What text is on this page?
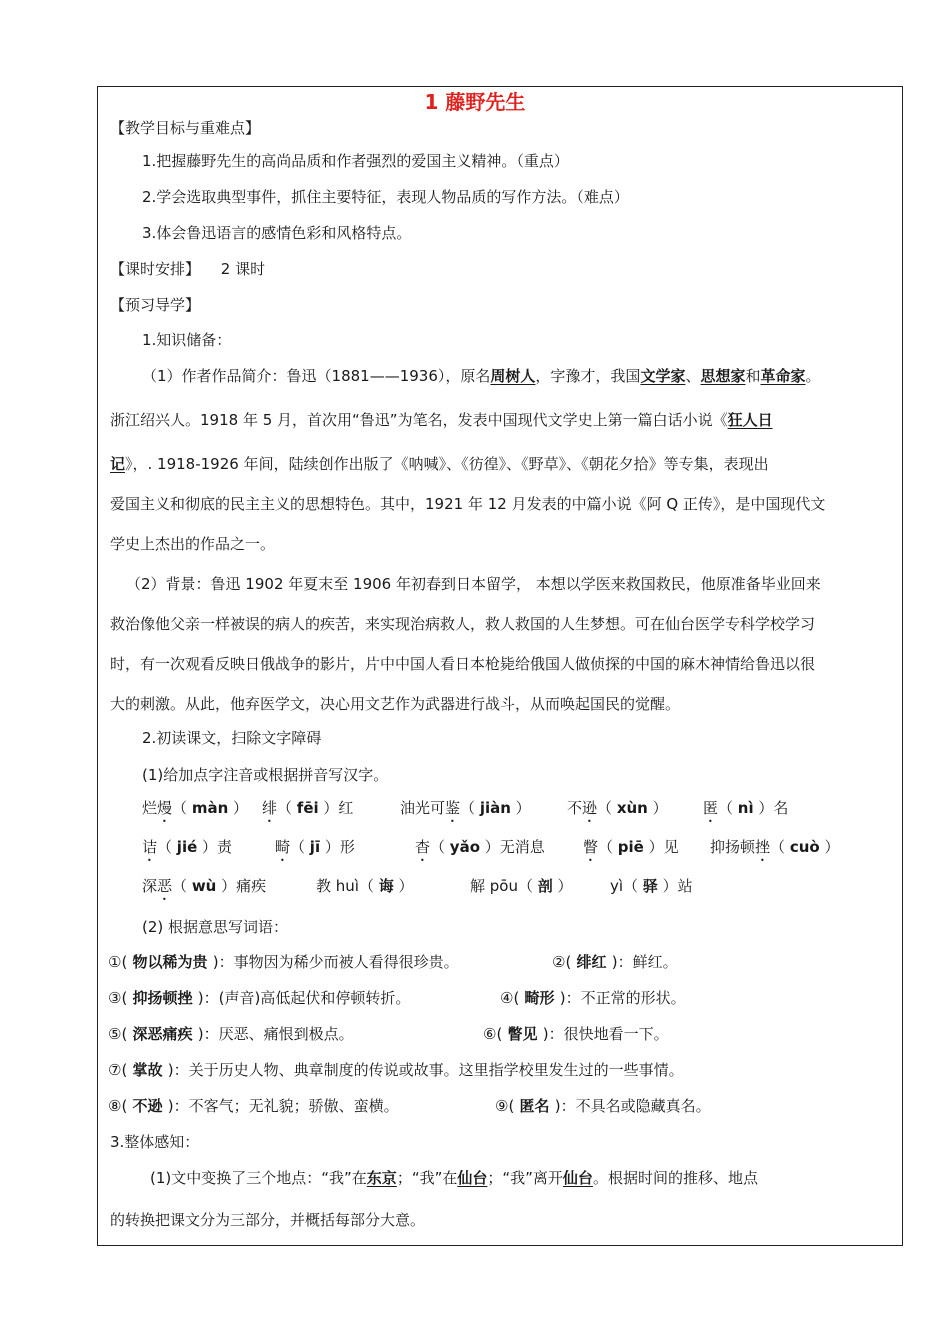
1 藤野先生
【教学目标与重难点】
1.把握藤野先生的高尚品质和作者强烈的爱国主义精神。（重点）
2.学会选取典型事件，抓住主要特征，表现人物品质的写作方法。（难点）
3.体会鲁迅语言的感情色彩和风格特点。
【课时安排】 2 课时
【预习导学】
1.知识储备：
（1）作者作品简介：鲁迅（1881——1936），原名周树人，字豫才，我国文学家、思想家和革命家。
浙江绍兴人。1918 年 5 月，首次用“鲁迅”为笔名，发表中国现代文学史上第一篇白话小说《狂人日
记》，. 1918-1926 年间，陆续创作出版了《呐喊》、《彷徨》、《野草》、《朝花夕拾》等专集，表现出
爱国主义和彻底的民主主义的思想特色。其中，1921 年 12 月发表的中篇小说《阿 Q 正传》，是中国现代文
学史上杰出的作品之一。
（2）背景：鲁迅 1902 年夏末至 1906 年初春到日本留学， 本想以学医来救国救民，他原准备毕业回来
救治像他父亲一样被误的病人的疾苦，来实现治病救人，救人救国的人生梦想。可在仙台医学专科学校学习
时，有一次观看反映日俄战争的影片，片中中国人看日本枪毙给俄国人做侦探的中国的麻木神情给鲁迅以很
大的刺激。从此，他弃医学文，决心用文艺作为武器进行战斗，从而唤起国民的觉醒。
2.初读课文，扫除文字障碍
(1)给加点字注音或根据拼音写汉字。
烂熳（ màn ） 绯（ fēi ）红	油光可鉴（ jiàn ） 不逊（ xùn ） 匿（ nì ）名
诘（ jié ）责	畸（ jī ）形	杳（ yǎo ）无消息	瞥（ piē ）见 抑扬顿挫（ cuò ）
深恶（ wù ）痛疾	教 huì（ 诲 ）	解 pōu（ 剖 ） yì（ 驿 ）站
(2) 根据意思写词语：
①( 物以稀为贵 )：事物因为稀少而被人看得很珍贵。	②( 绯红 )：鲜红。
③( 抑扬顿挫 )：(声音)高低起伏和停顿转折。	④( 畸形 )：不正常的形状。
⑤( 深恶痛疾 )：厌恶、痛恨到极点。	⑥( 瞥见 )：很快地看一下。
⑦( 掌故 )：关于历史人物、典章制度的传说或故事。这里指学校里发生过的一些事情。
⑧( 不逊 )：不客气；无礼貌；骄傲、蛮横。	⑨( 匿名 )：不具名或隐藏真名。
3.整体感知：
(1)文中变换了三个地点：“我”在东京；“我”在仙台；“我”离开仙台。根据时间的推移、地点
的转换把课文分为三部分，并概括每部分大意。
